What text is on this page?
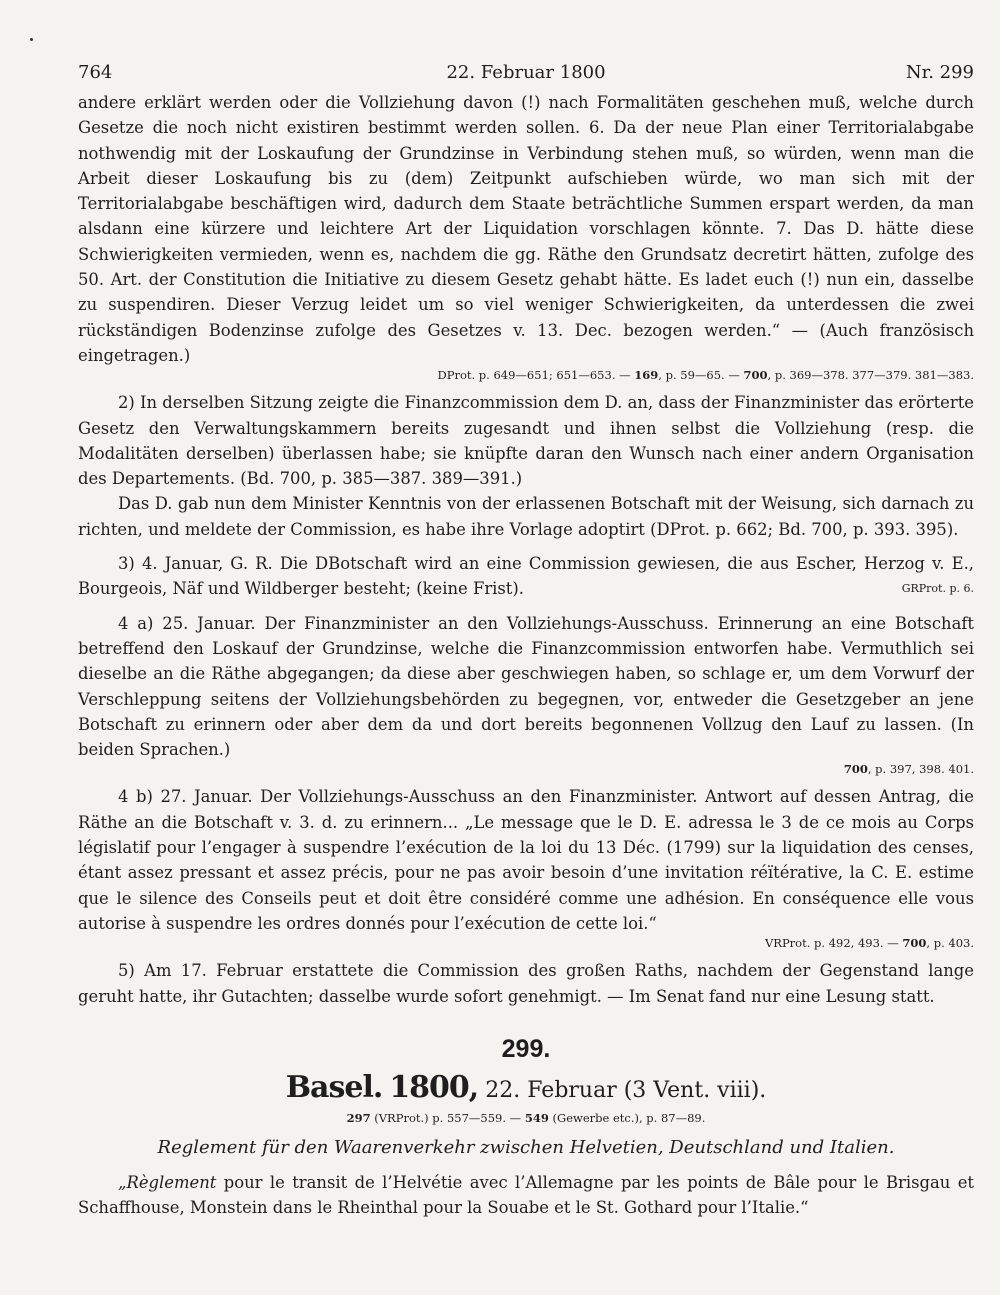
764	22. Februar 1800	Nr. 299

andere erklärt werden oder die Vollziehung davon (!) nach Formalitäten geschehen muß, welche durch Gesetze die noch nicht existiren bestimmt werden sollen. 6. Da der neue Plan einer Territorialabgabe nothwendig mit der Loskaufung der Grundzinse in Verbindung stehen muß, so würden, wenn man die Arbeit dieser Loskaufung bis zu (dem) Zeitpunkt aufschieben würde, wo man sich mit der Territorialabgabe beschäftigen wird, dadurch dem Staate beträchtliche Summen erspart werden, da man alsdann eine kürzere und leichtere Art der Liquidation vorschlagen könnte. 7. Das D. hätte diese Schwierigkeiten vermieden, wenn es, nachdem die gg. Räthe den Grundsatz decretirt hätten, zufolge des 50. Art. der Constitution die Initiative zu diesem Gesetz gehabt hätte. Es ladet euch (!) nun ein, dasselbe zu suspendiren. Dieser Verzug leidet um so viel weniger Schwierigkeiten, da unterdessen die zwei rückständigen Bodenzinse zufolge des Gesetzes v. 13. Dec. bezogen werden.“ — (Auch französisch eingetragen.)

DProt. p. 649—651; 651—653. — 169, p. 59—65. — 700, p. 369—378. 377—379. 381—383.

2) In derselben Sitzung zeigte die Finanzcommission dem D. an, dass der Finanzminister das erörterte Gesetz den Verwaltungskammern bereits zugesandt und ihnen selbst die Vollziehung (resp. die Modalitäten derselben) überlassen habe; sie knüpfte daran den Wunsch nach einer andern Organisation des Departements. (Bd. 700, p. 385—387. 389—391.)

Das D. gab nun dem Minister Kenntnis von der erlassenen Botschaft mit der Weisung, sich darnach zu richten, und meldete der Commission, es habe ihre Vorlage adoptirt (DProt. p. 662; Bd. 700, p. 393. 395).

3) 4. Januar, G. R. Die DBotschaft wird an eine Commission gewiesen, die aus Escher, Herzog v. E., Bourgeois, Näf und Wildberger besteht; (keine Frist).	GRProt. p. 6.

4 a) 25. Januar. Der Finanzminister an den Vollziehungs-Ausschuss. Erinnerung an eine Botschaft betreffend den Loskauf der Grundzinse, welche die Finanzcommission entworfen habe. Vermuthlich sei dieselbe an die Räthe abgegangen; da diese aber geschwiegen haben, so schlage er, um dem Vorwurf der Verschleppung seitens der Vollziehungsbehörden zu begegnen, vor, entweder die Gesetzgeber an jene Botschaft zu erinnern oder aber dem da und dort bereits begonnenen Vollzug den Lauf zu lassen. (In beiden Sprachen.)

700, p. 397, 398. 401.

4 b) 27. Januar. Der Vollziehungs-Ausschuss an den Finanzminister. Antwort auf dessen Antrag, die Räthe an die Botschaft v. 3. d. zu erinnern... „Le message que le D. E. adressa le 3 de ce mois au Corps législatif pour l’engager à suspendre l’exécution de la loi du 13 Déc. (1799) sur la liquidation des censes, étant assez pressant et assez précis, pour ne pas avoir besoin d’une invitation réïtérative, la C. E. estime que le silence des Conseils peut et doit être considéré comme une adhésion. En conséquence elle vous autorise à suspendre les ordres donnés pour l’exécution de cette loi.“

VRProt. p. 492, 493. — 700, p. 403.

5) Am 17. Februar erstattete die Commission des großen Raths, nachdem der Gegenstand lange geruht hatte, ihr Gutachten; dasselbe wurde sofort genehmigt. — Im Senat fand nur eine Lesung statt.

299.
Basel. 1800, 22. Februar (3 Vent. viii).
297 (VRProt.) p. 557—559. — 549 (Gewerbe etc.), p. 87—89.
Reglement für den Waarenverkehr zwischen Helvetien, Deutschland und Italien.

„Règlement pour le transit de l’Helvétie avec l’Allemagne par les points de Bâle pour le Brisgau et Schaffhouse, Monstein dans le Rheinthal pour la Souabe et le St. Gothard pour l’Italie.“
